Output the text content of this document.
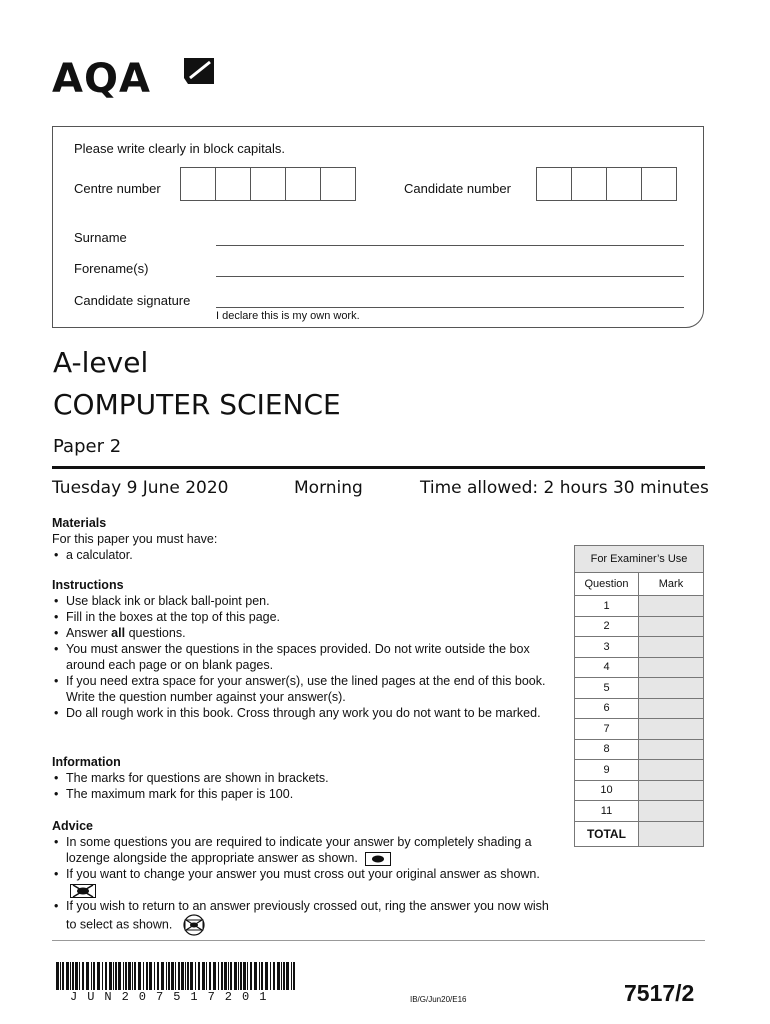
AQA
Please write clearly in block capitals.
Centre number	Candidate number
Surname
Forename(s)
Candidate signature
I declare this is my own work.
A-level
COMPUTER SCIENCE
Paper 2
Tuesday 9 June 2020	Morning	Time allowed: 2 hours 30 minutes
Materials
For this paper you must have:
• a calculator.
Instructions
• Use black ink or black ball-point pen.
• Fill in the boxes at the top of this page.
• Answer all questions.
• You must answer the questions in the spaces provided. Do not write outside the box around each page or on blank pages.
• If you need extra space for your answer(s), use the lined pages at the end of this book. Write the question number against your answer(s).
• Do all rough work in this book. Cross through any work you do not want to be marked.
Information
• The marks for questions are shown in brackets.
• The maximum mark for this paper is 100.
Advice
• In some questions you are required to indicate your answer by completely shading a lozenge alongside the appropriate answer as shown.
• If you want to change your answer you must cross out your original answer as shown.
• If you wish to return to an answer previously crossed out, ring the answer you now wish to select as shown.
For Examiner’s Use	
Question	Mark
1	
2	
3	
4	
5	
6	
7	
8	
9	
10	
11	
TOTAL	
JUN207517201	IB/G/Jun20/E16	7517/2
